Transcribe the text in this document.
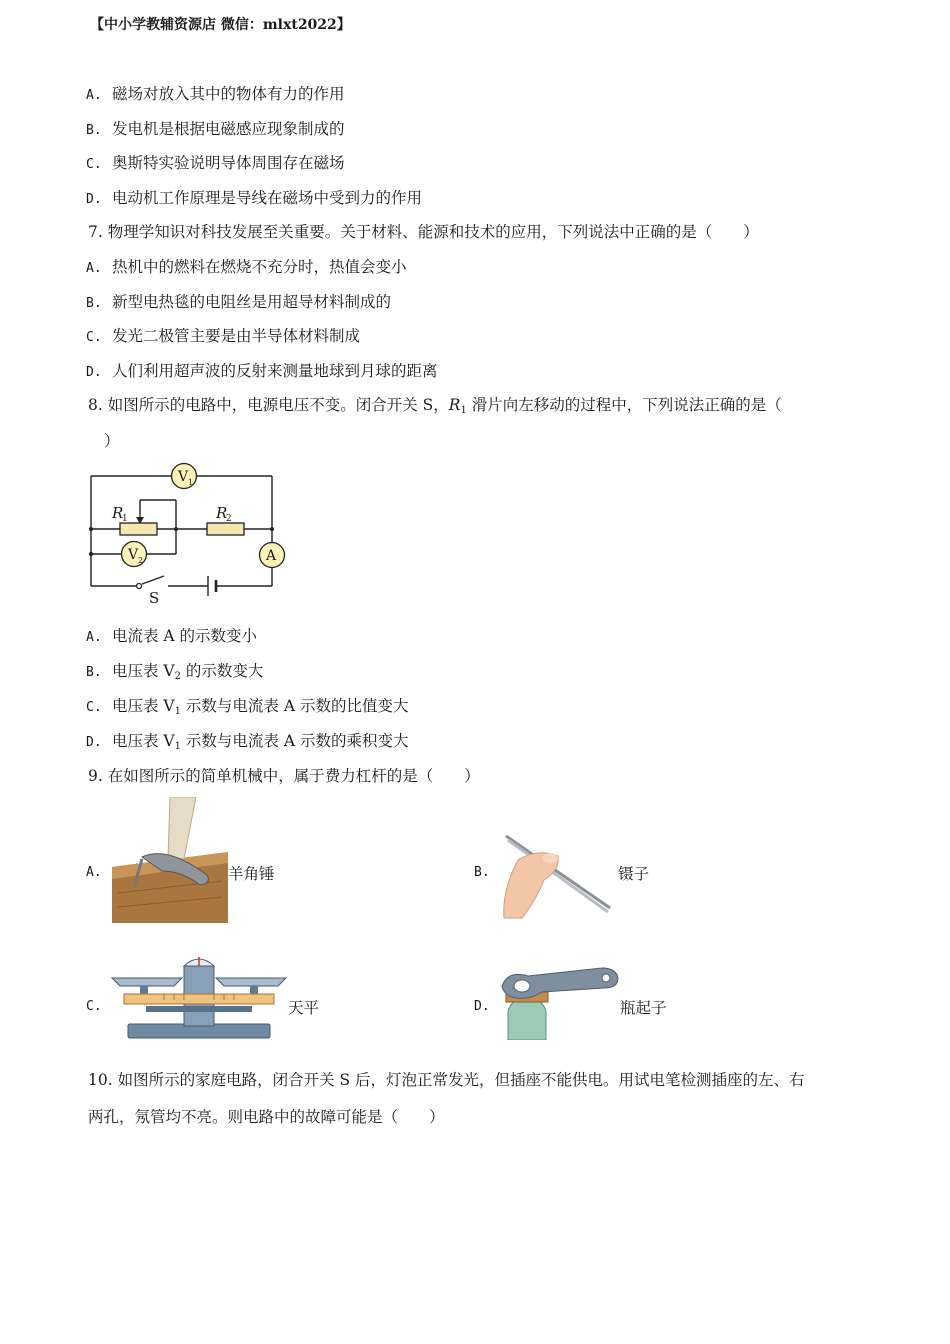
【中小学教辅资源店 微信：mlxt2022】
A. 磁场对放入其中的物体有力的作用
B. 发电机是根据电磁感应现象制成的
C. 奥斯特实验说明导体周围存在磁场
D. 电动机工作原理是导线在磁场中受到力的作用
7. 物理学知识对科技发展至关重要。关于材料、能源和技术的应用，下列说法中正确的是（　　）
A. 热机中的燃料在燃烧不充分时，热值会变小
B. 新型电热毯的电阻丝是用超导材料制成的
C. 发光二极管主要是由半导体材料制成
D. 人们利用超声波的反射来测量地球到月球的距离
8. 如图所示的电路中，电源电压不变。闭合开关 S，$R_1$ 滑片向左移动的过程中，下列说法正确的是（
）
V 1
V 2	A
R
1	R
2
S
A. 电流表 A 的示数变小
B. 电压表 $V_2$ 的示数变大
C. 电压表 $V_1$ 示数与电流表 A 示数的比值变大
D. 电压表 $V_1$ 示数与电流表 A 示数的乘积变大
9. 在如图所示的简单机械中，属于费力杠杆的是（　　）
A.	羊角锤	B.	镊子
C.	天平	D.	瓶起子
10. 如图所示的家庭电路，闭合开关 S 后，灯泡正常发光，但插座不能供电。用试电笔检测插座的左、右
两孔，氖管均不亮。则电路中的故障可能是（　　）
